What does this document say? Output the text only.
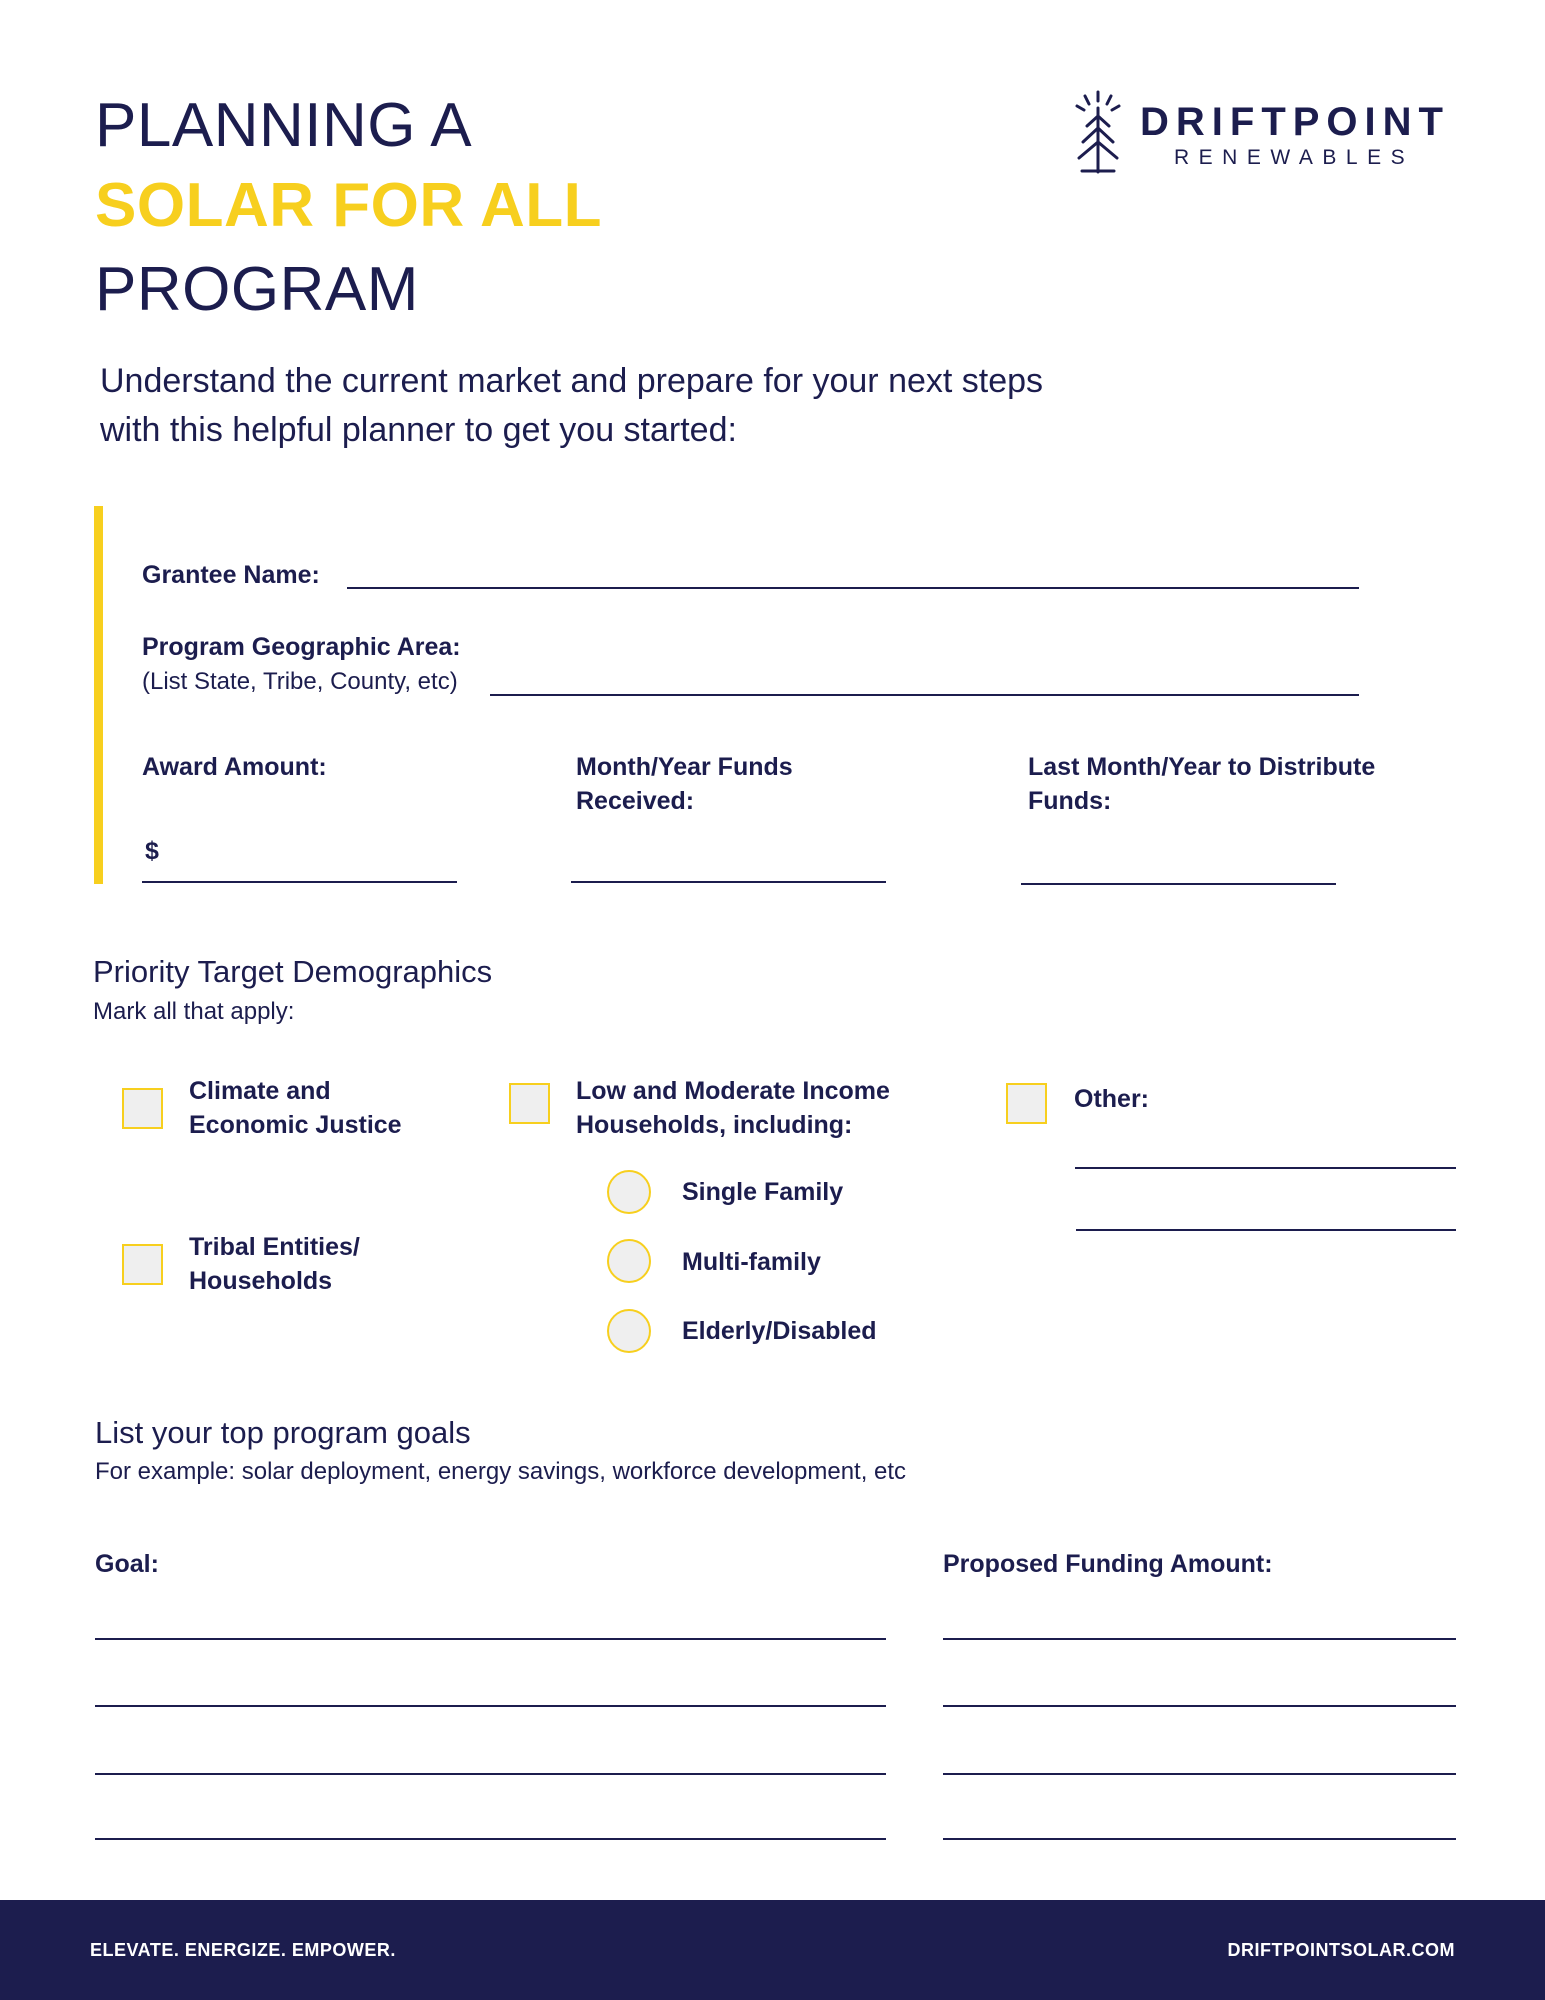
PLANNING A
SOLAR FOR ALL
PROGRAM
DRIFTPOINT
RENEWABLES
Understand the current market and prepare for your next steps
with this helpful planner to get you started:
Grantee Name:
Program Geographic Area:
(List State, Tribe, County, etc)
Award Amount:
$
Month/Year Funds
Received:
Last Month/Year to Distribute
Funds:
Priority Target Demographics
Mark all that apply:
Climate and
Economic Justice
Tribal Entities/
Households
Low and Moderate Income
Households, including:
Single Family
Multi-family
Elderly/Disabled
Other:
List your top program goals
For example: solar deployment, energy savings, workforce development, etc
Goal:	Proposed Funding Amount:
ELEVATE. ENERGIZE. EMPOWER.	DRIFTPOINTSOLAR.COM
